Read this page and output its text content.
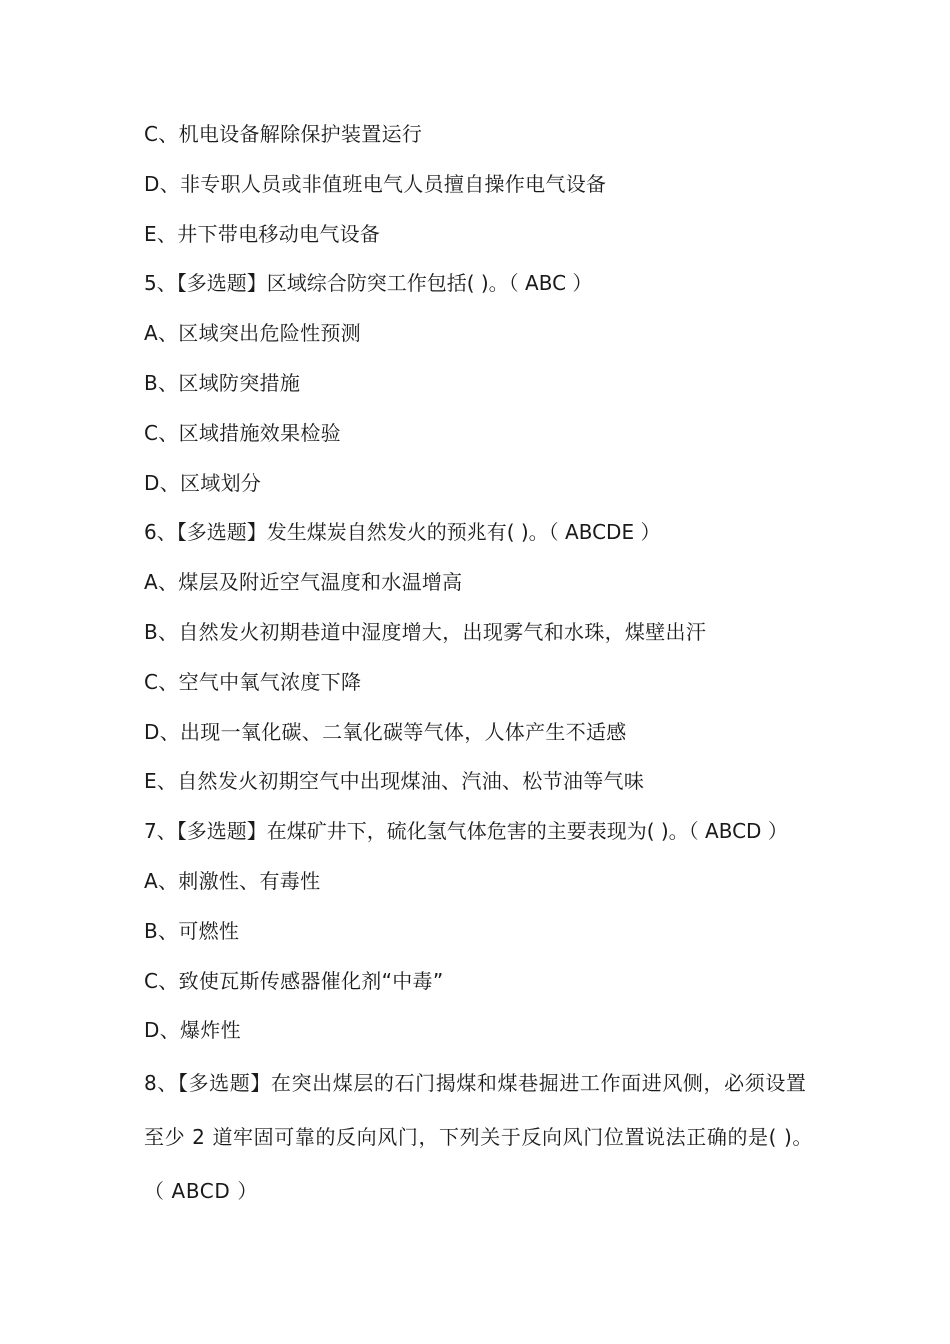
C、机电设备解除保护装置运行
D、非专职人员或非值班电气人员擅自操作电气设备
E、井下带电移动电气设备
5、【多选题】区域综合防突工作包括( )。（ ABC ）
A、区域突出危险性预测
B、区域防突措施
C、区域措施效果检验
D、区域划分
6、【多选题】发生煤炭自然发火的预兆有( )。（ ABCDE ）
A、煤层及附近空气温度和水温增高
B、自然发火初期巷道中湿度增大，出现雾气和水珠，煤壁出汗
C、空气中氧气浓度下降
D、出现一氧化碳、二氧化碳等气体，人体产生不适感
E、自然发火初期空气中出现煤油、汽油、松节油等气味
7、【多选题】在煤矿井下，硫化氢气体危害的主要表现为( )。（ ABCD ）
A、刺激性、有毒性
B、可燃性
C、致使瓦斯传感器催化剂“中毒”
D、爆炸性
8、【多选题】在突出煤层的石门揭煤和煤巷掘进工作面进风侧，必须设置至少 2 道牢固可靠的反向风门，下列关于反向风门位置说法正确的是( )。（ ABCD ）
